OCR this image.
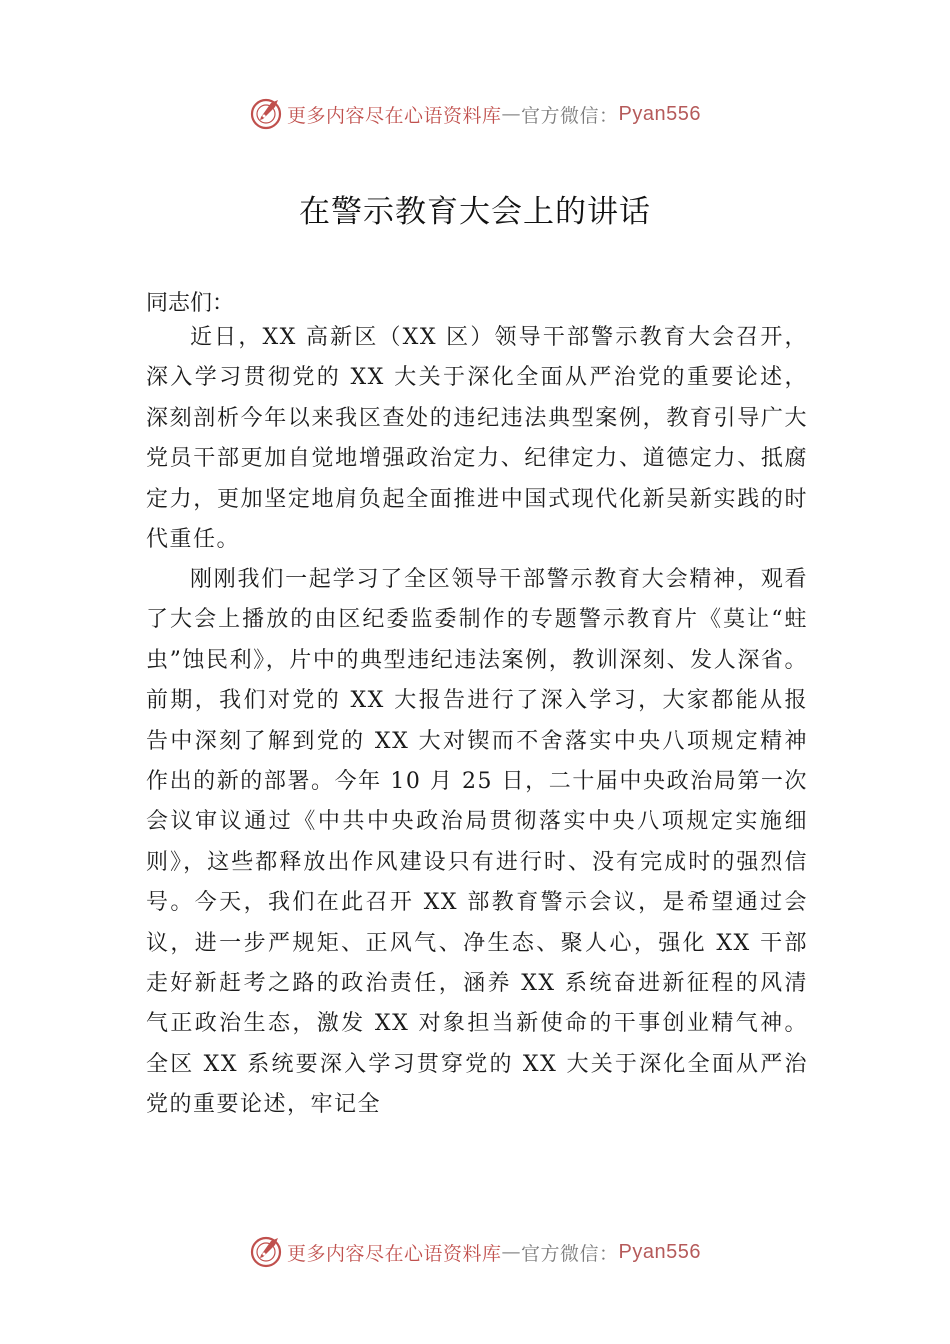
更多内容尽在心语资料库 — 官方微信： Pyan556
在警示教育大会上的讲话
同志们：
近日，XX 高新区（XX 区）领导干部警示教育大会召开，深入学习贯彻党的 XX 大关于深化全面从严治党的重要论述，深刻剖析今年以来我区查处的违纪违法典型案例，教育引导广大党员干部更加自觉地增强政治定力、纪律定力、道德定力、抵腐定力，更加坚定地肩负起全面推进中国式现代化新吴新实践的时代重任。
刚刚我们一起学习了全区领导干部警示教育大会精神，观看了大会上播放的由区纪委监委制作的专题警示教育片《莫让“蛀虫”蚀民利》，片中的典型违纪违法案例，教训深刻、发人深省。前期，我们对党的 XX 大报告进行了深入学习，大家都能从报告中深刻了解到党的 XX 大对锲而不舍落实中央八项规定精神作出的新的部署。今年 10 月 25 日，二十届中央政治局第一次会议审议通过《中共中央政治局贯彻落实中央八项规定实施细则》，这些都释放出作风建设只有进行时、没有完成时的强烈信号。今天，我们在此召开 XX 部教育警示会议，是希望通过会议，进一步严规矩、正风气、净生态、聚人心，强化 XX 干部走好新赶考之路的政治责任，涵养 XX 系统奋进新征程的风清气正政治生态，激发 XX 对象担当新使命的干事创业精气神。全区 XX 系统要深入学习贯穿党的 XX 大关于深化全面从严治党的重要论述，牢记全
更多内容尽在心语资料库 — 官方微信： Pyan556
